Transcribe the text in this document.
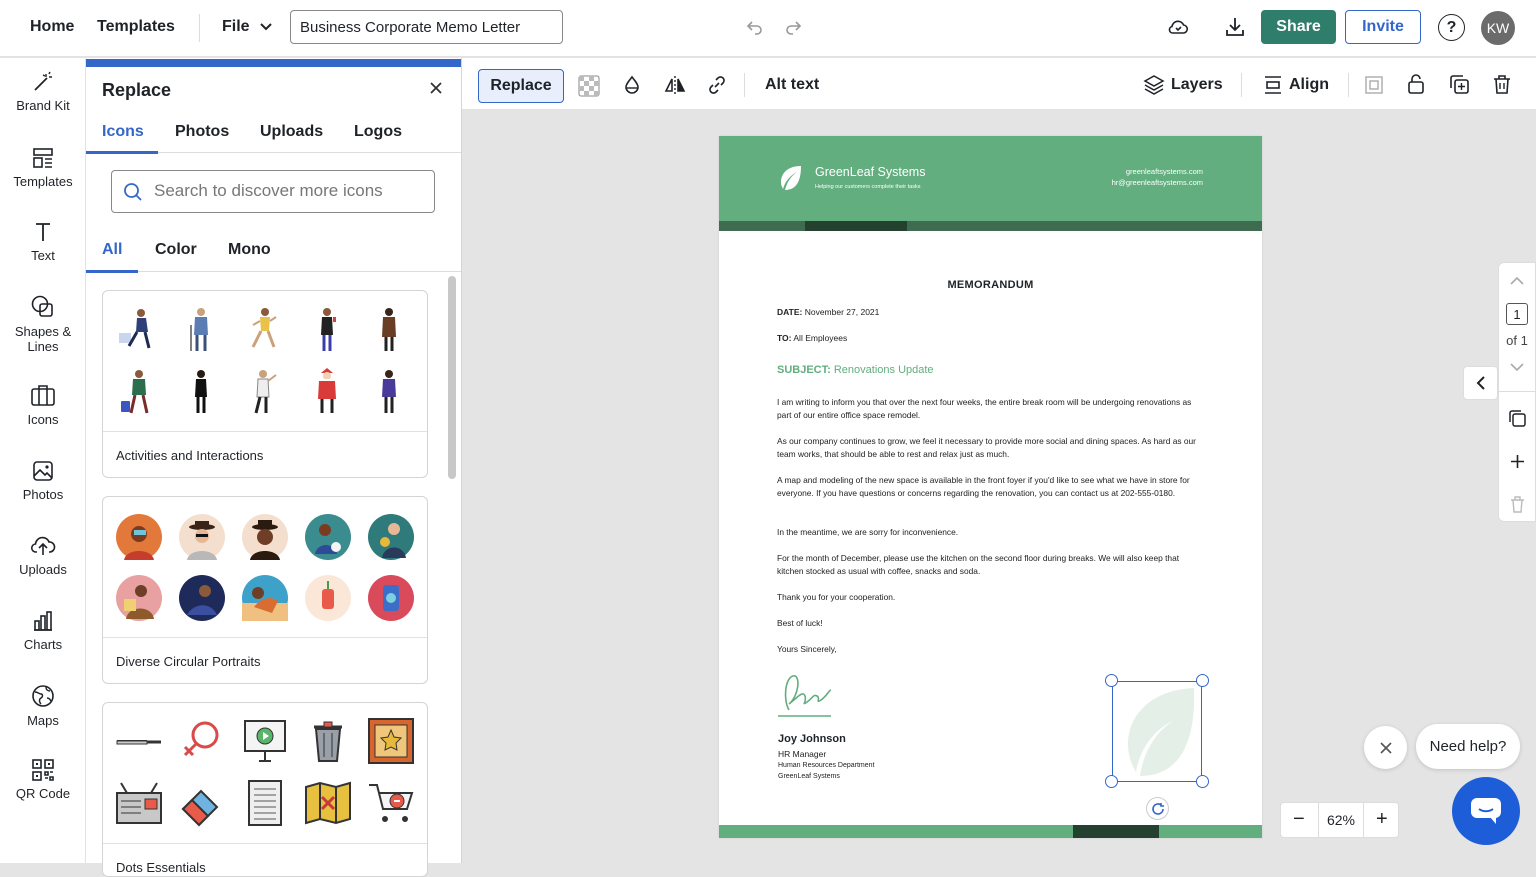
Home Templates	File
Business Corporate Memo Letter	Share	Invite	?	KW
Brand Kit
Templates
Text
Shapes &
Lines
Icons
Photos
Uploads
Charts
Maps
QR Code
Replace
Icons Photos Uploads Logos
Search to discover more icons
All Color Mono
Activities and Interactions
Diverse Circular Portraits
Dots Essentials
Replace	Alt text	Layers	Align
GreenLeaf Systems
Helping our customers complete their tasks
greenleaftsystems.com
hr@greenleaftsystems.com
MEMORANDUM
DATE: November 27, 2021
TO: All Employees
SUBJECT: Renovations Update
I am writing to inform you that over the next four weeks, the entire break room will be undergoing renovations as part of our entire office space remodel.
As our company continues to grow, we feel it necessary to provide more social and dining spaces. As hard as our team works, that should be able to rest and relax just as much.
A map and modeling of the new space is available in the front foyer if you'd like to see what we have in store for everyone. If you have questions or concerns regarding the renovation, you can contact us at 202-555-0180.
In the meantime, we are sorry for inconvenience.
For the month of December, please use the kitchen on the second floor during breaks. We will also keep that kitchen stocked as usual with coffee, snacks and soda.
Thank you for your cooperation.
Best of luck!
Yours Sincerely,
Joy Johnson
HR Manager
Human Resources Department
GreenLeaf Systems
1
of 1
Need help?
−	62%	+
